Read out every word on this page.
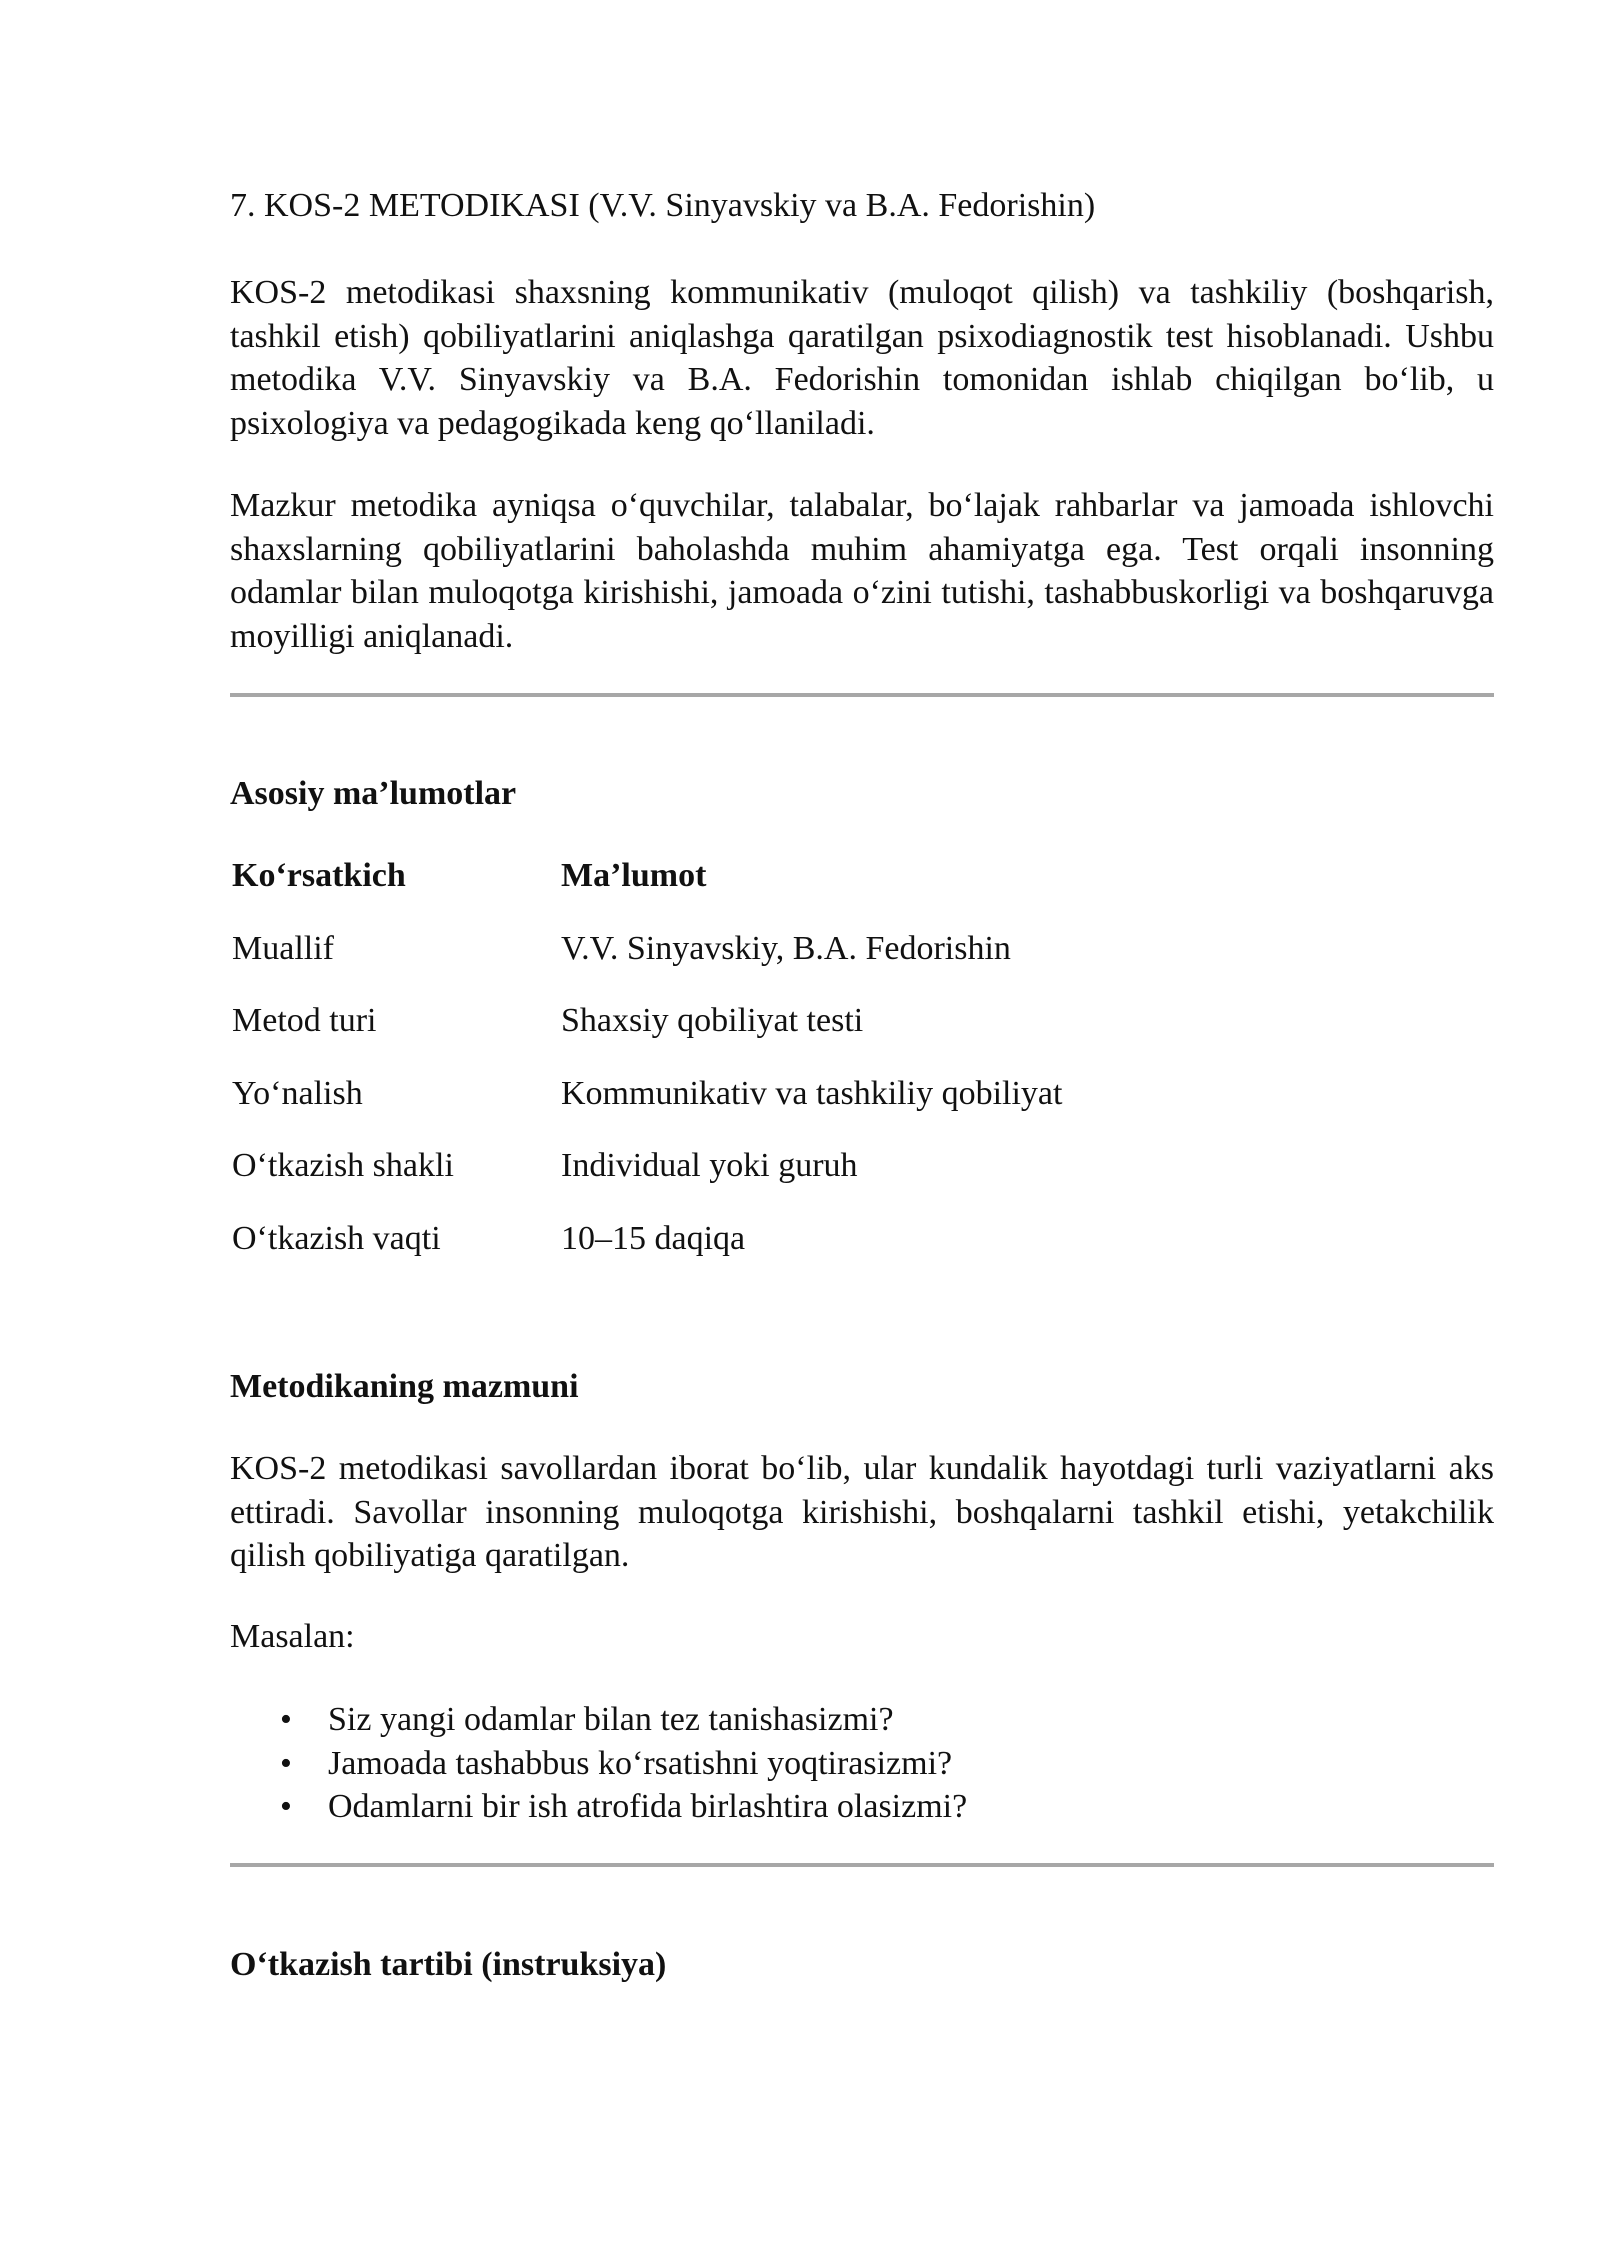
7. KOS-2 METODIKASI (V.V. Sinyavskiy va B.A. Fedorishin)

KOS-2 metodikasi shaxsning kommunikativ (muloqot qilish) va tashkiliy (boshqarish, tashkil etish) qobiliyatlarini aniqlashga qaratilgan psixodiagnostik test hisoblanadi. Ushbu metodika V.V. Sinyavskiy va B.A. Fedorishin tomonidan ishlab chiqilgan bo‘lib, u psixologiya va pedagogikada keng qo‘llaniladi.

Mazkur metodika ayniqsa o‘quvchilar, talabalar, bo‘lajak rahbarlar va jamoada ishlovchi shaxslarning qobiliyatlarini baholashda muhim ahamiyatga ega. Test orqali insonning odamlar bilan muloqotga kirishishi, jamoada o‘zini tutishi, tashabbuskorligi va boshqaruvga moyilligi aniqlanadi.

Asosiy ma’lumotlar
Ko‘rsatkich	Ma’lumot
Muallif	V.V. Sinyavskiy, B.A. Fedorishin
Metod turi	Shaxsiy qobiliyat testi
Yo‘nalish	Kommunikativ va tashkiliy qobiliyat
O‘tkazish shakli	Individual yoki guruh
O‘tkazish vaqti	10–15 daqiqa
Metodikaning mazmuni

KOS-2 metodikasi savollardan iborat bo‘lib, ular kundalik hayotdagi turli vaziyatlarni aks ettiradi. Savollar insonning muloqotga kirishishi, boshqalarni tashkil etishi, yetakchilik qilish qobiliyatiga qaratilgan.

Masalan:

• Siz yangi odamlar bilan tez tanishasizmi?
• Jamoada tashabbus ko‘rsatishni yoqtirasizmi?
• Odamlarni bir ish atrofida birlashtira olasizmi?
O‘tkazish tartibi (instruksiya)
